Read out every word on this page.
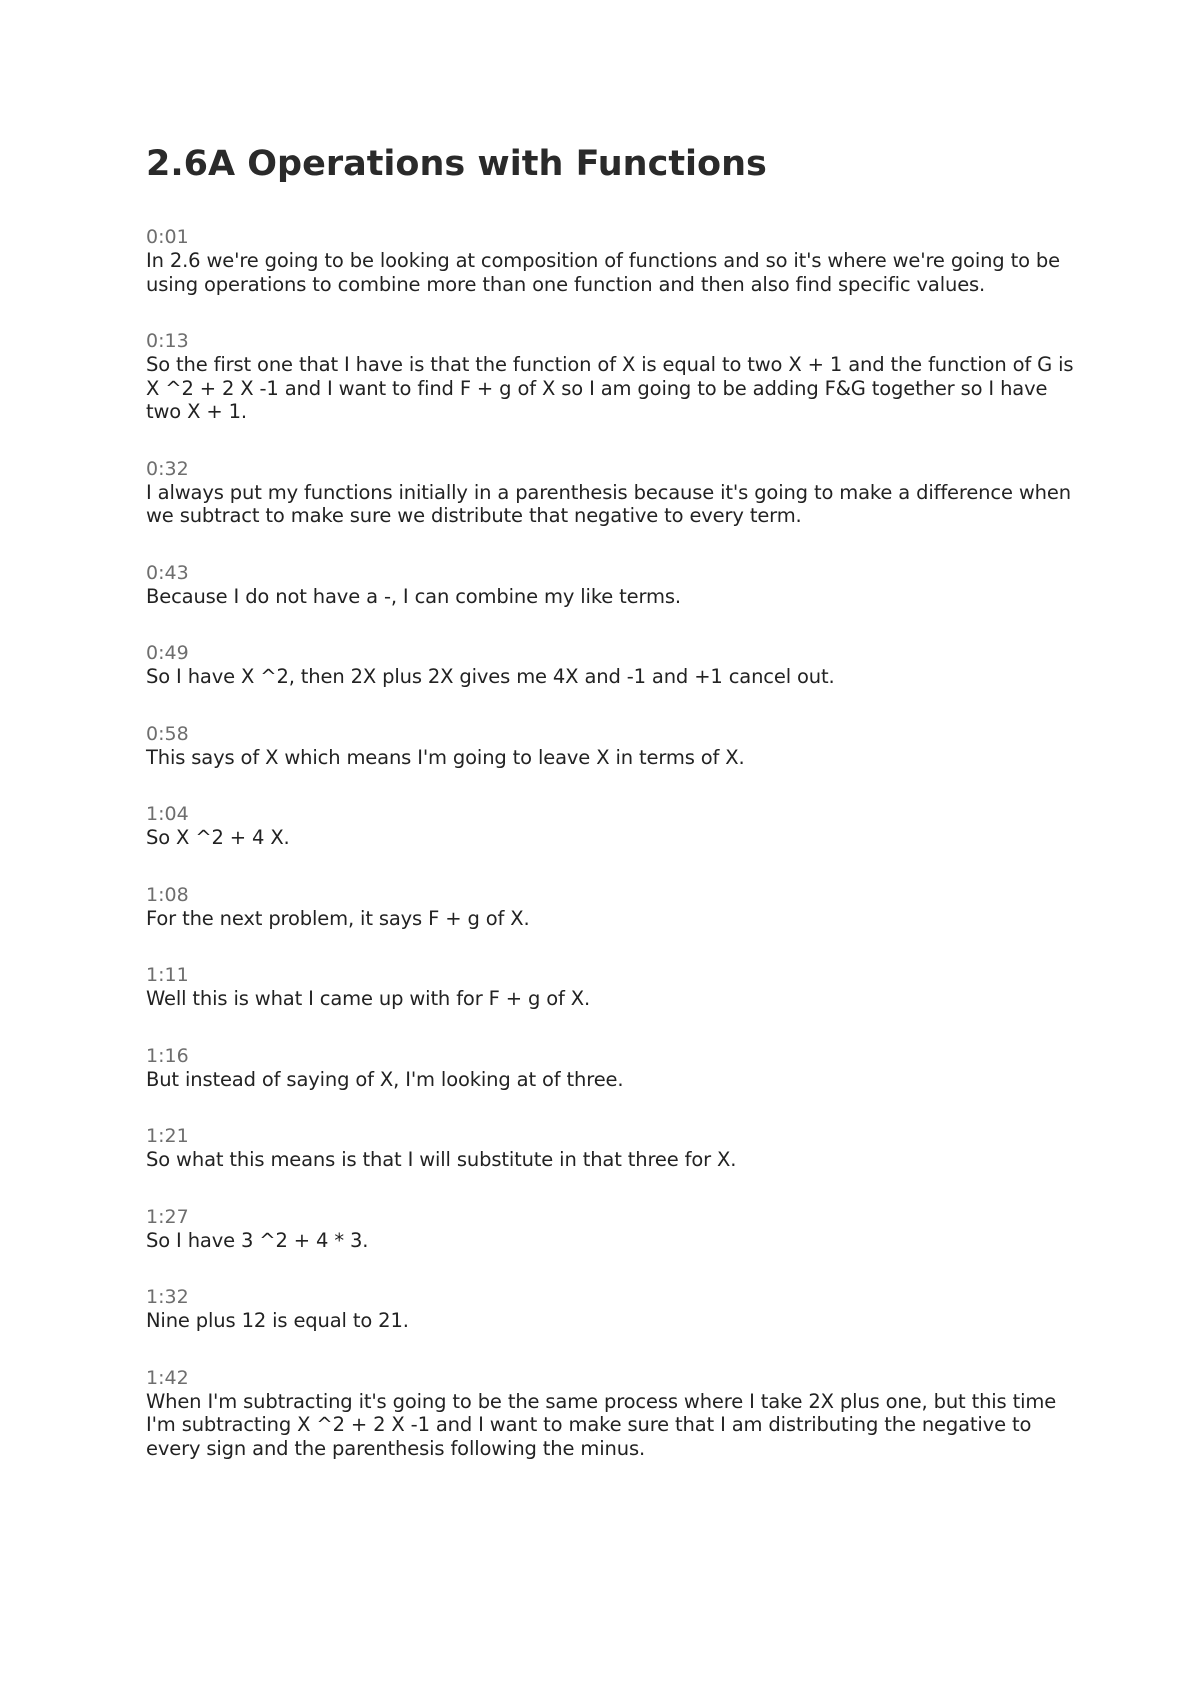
2.6A Operations with Functions
0:01
In 2.6 we're going to be looking at composition of functions and so it's where we're going to be using operations to combine more than one function and then also find specific values.
0:13
So the first one that I have is that the function of X is equal to two X + 1 and the function of G is X ^2 + 2 X -1 and I want to find F + g of X so I am going to be adding F&G together so I have two X + 1.
0:32
I always put my functions initially in a parenthesis because it's going to make a difference when we subtract to make sure we distribute that negative to every term.
0:43
Because I do not have a -, I can combine my like terms.
0:49
So I have X ^2, then 2X plus 2X gives me 4X and -1 and +1 cancel out.
0:58
This says of X which means I'm going to leave X in terms of X.
1:04
So X ^2 + 4 X.
1:08
For the next problem, it says F + g of X.
1:11
Well this is what I came up with for F + g of X.
1:16
But instead of saying of X, I'm looking at of three.
1:21
So what this means is that I will substitute in that three for X.
1:27
So I have 3 ^2 + 4 * 3.
1:32
Nine plus 12 is equal to 21.
1:42
When I'm subtracting it's going to be the same process where I take 2X plus one, but this time I'm subtracting X ^2 + 2 X -1 and I want to make sure that I am distributing the negative to every sign and the parenthesis following the minus.
